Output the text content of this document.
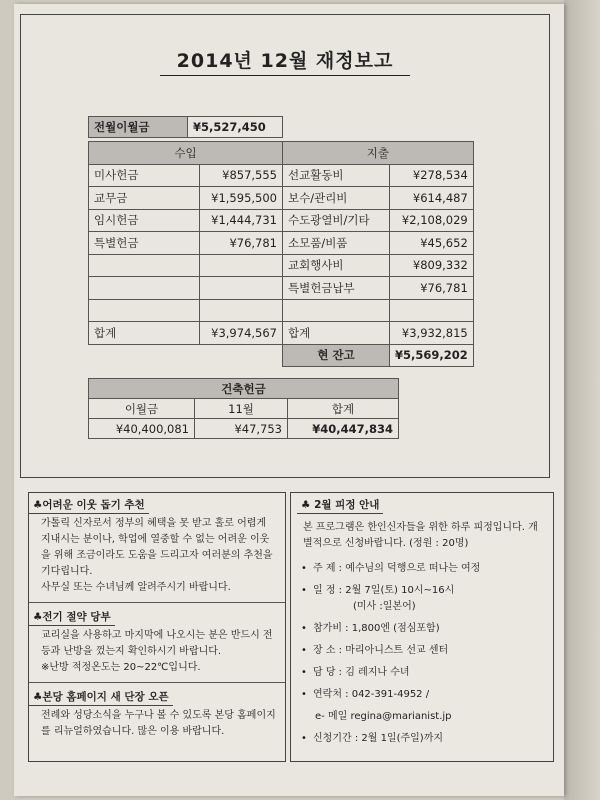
2014년 12월 재정보고
전월이월금	¥5,527,450
수입		지출	
미사헌금	¥857,555	선교활동비	¥278,534
교무금	¥1,595,500	보수/관리비	¥614,487
임시헌금	¥1,444,731	수도광열비/기타	¥2,108,029
특별헌금	¥76,781	소모품/비품	¥45,652
		교회행사비	¥809,332
		특별헌금납부	¥76,781

합계	¥3,974,567	합계	¥3,932,815
		현 잔고	¥5,569,202
건축헌금		
이월금	11월	합계
¥40,400,081	¥47,753	¥40,447,834
♣어려운 이웃 돕기 추천
가톨릭 신자로서 정부의 혜택을 못 받고 홀로 어렵게 지내시는 분이나, 학업에 열중할 수 없는 어려운 이웃을 위해 조금이라도 도움을 드리고자 여러분의 추천을 기다립니다.
사무실 또는 수녀님께 알려주시기 바랍니다.
♣전기 절약 당부
교리실을 사용하고 마지막에 나오시는 분은 반드시 전등과 난방을 껐는지 확인하시기 바랍니다.
※난방 적정온도는 20~22℃입니다.
♣본당 홈페이지 새 단장 오픈
전례와 성당소식을 누구나 볼 수 있도록 본당 홈페이지를 리뉴얼하였습니다. 많은 이용 바랍니다.
♣ 2월 피정 안내
본 프로그램은 한인신자들을 위한 하루 피정입니다. 개별적으로 신청바랍니다. (정원 : 20명)
• 주 제 : 예수님의 덕행으로 떠나는 여정
• 일 정 : 2월 7일(토) 10시~16시
(미사 :일본어)
• 참가비 : 1,800엔 (점심포함)
• 장 소 : 마리아니스트 선교 센터
• 담 당 : 김 레지나 수녀
• 연락처 : 042-391-4952 /
e- 메일 regina@marianist.jp
• 신청기간 : 2월 1일(주일)까지
